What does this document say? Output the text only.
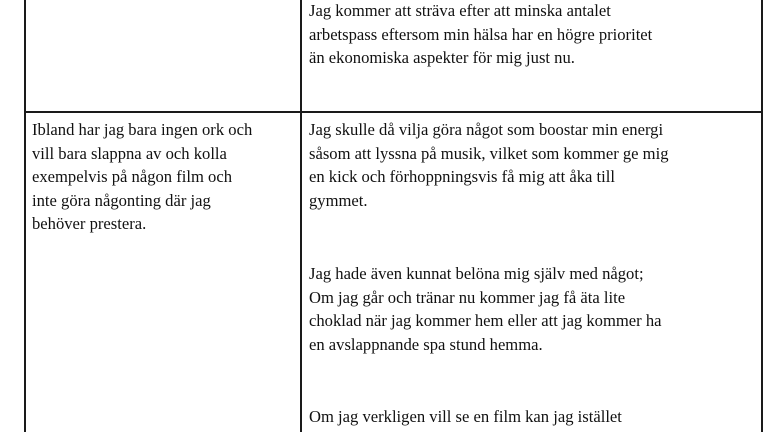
Jag kommer att sträva efter att minska antalet
arbetspass eftersom min hälsa har en högre prioritet
än ekonomiska aspekter för mig just nu.

Ibland har jag bara ingen ork och
vill bara slappna av och kolla
exempelvis på någon film och
inte göra någonting där jag
behöver prestera.

Jag skulle då vilja göra något som boostar min energi
såsom att lyssna på musik, vilket som kommer ge mig
en kick och förhoppningsvis få mig att åka till
gymmet.

Jag hade även kunnat belöna mig själv med något;
Om jag går och tränar nu kommer jag få äta lite
choklad när jag kommer hem eller att jag kommer ha
en avslappnande spa stund hemma.

Om jag verkligen vill se en film kan jag istället
